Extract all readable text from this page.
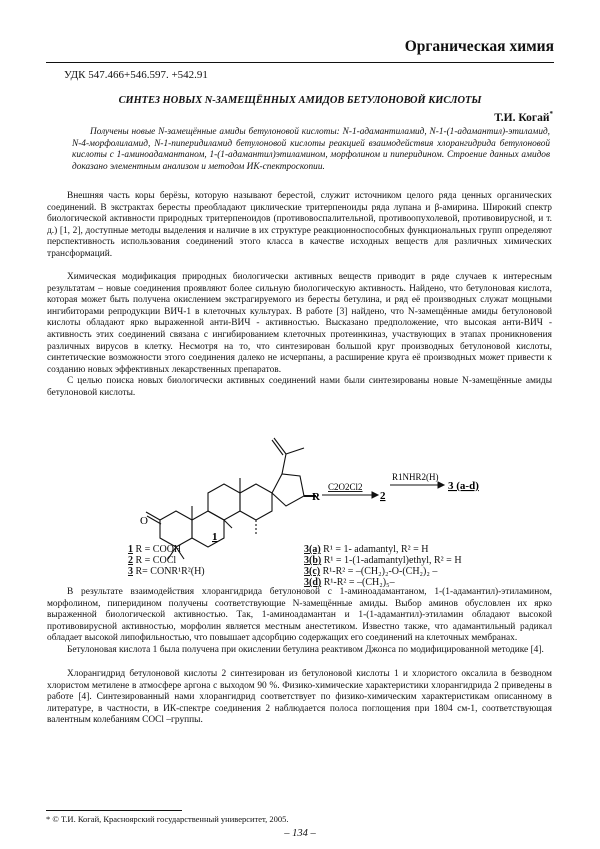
Органическая химия
УДК 547.466+546.597. +542.91
СИНТЕЗ НОВЫХ N-ЗАМЕЩЁННЫХ АМИДОВ БЕТУЛОНОВОЙ КИСЛОТЫ
Т.И. Когай*

Получены новые N-замещённые амиды бетулоновой кислоты: N-1-адамантиламид, N-1-(1-адамантил)-этиламид, N-4-морфолиламид, N-1-пиперидиламид бетулоновой кислоты реакцией взаимодействия хлорангидрида бетулоновой кислоты с 1-аминоадамантаном, 1-(1-адамантил)этиламином, морфолином и пиперидином. Строение данных амидов доказано элементным анализом и методом ИК-спектроскопии.

Внешняя часть коры берёзы, которую называют берестой, служит источником целого ряда ценных органических соединений. В экстрактах бересты преобладают циклические тритерпеноиды ряда лупана и β-амирина. Широкий спектр биологической активности природных тритерпеноидов (противовоспалительной, противоопухолевой, противовирусной, и т. д.) [1, 2], доступные методы выделения и наличие в их структуре реакционноспособных функциональных групп определяют перспективность использования соединений этого класса в качестве исходных веществ для различных химических трансформаций.

Химическая модификация природных биологически активных веществ приводит в ряде случаев к интересным результатам – новые соединения проявляют более сильную биологическую активность. Найдено, что бетулоновая кислота, которая может быть получена окислением экстрагируемого из бересты бетулина, и ряд её производных служат мощными ингибиторами репродукции ВИЧ-1 в клеточных культурах. В работе [3] найдено, что N-замещённые амиды бетулоновой кислоты обладают ярко выраженной анти-ВИЧ - активностью. Высказано предположение, что высокая анти-ВИЧ - активность этих соединений связана с ингибированием клеточных протеинкиназ, участвующих в этапах проникновения различных вирусов в клетку. Несмотря на то, что синтезирован большой круг производных бетулоновой кислоты, синтетические возможности этого соединения далеко не исчерпаны, а расширение круга её производных может привести к созданию новых эффективных лекарственных препаратов.

С целью поиска новых биологически активных соединений нами были синтезированы новые N-замещённые амиды бетулоновой кислоты.

O
R
1
C2O2Cl2
2
R1NHR2(H)
3 (a-d)
1 R = COOH
2 R = COCl
3 R= CONR¹R²(H)
3(a) R¹ = 1- adamantyl, R² = H
3(b) R¹ = 1-(1-adamantyl)ethyl, R² = H
3(c) R¹-R² = –(CH₂)₂-O-(CH₂)₂ –
3(d) R¹-R² = –(CH₂)₅–

В результате взаимодействия хлорангидрида бетулоновой с 1-аминоадамантаном, 1-(1-адамантил)-этиламином, морфолином, пиперидином получены соответствующие N-замещённые амиды. Выбор аминов обусловлен их ярко выраженной биологической активностью. Так, 1-аминоадамантан и 1-(1-адамантил)-этиламин обладают высокой противовирусной активностью, морфолин является местным анестетиком. Известно также, что адамантильный радикал обладает высокой липофильностью, что повышает адсорбцию содержащих его соединений на клеточных мембранах.

Бетулоновая кислота 1 была получена при окислении бетулина реактивом Джонса по модифицированной методике [4].

Хлорангидрид бетулоновой кислоты 2 синтезирован из бетулоновой кислоты 1 и хлористого оксалила в безводном хлористом метилене в атмосфере аргона с выходом 90 %. Физико-химические характеристики хлорангидрида 2 приведены в работе [4]. Синтезированный нами хлорангидрид соответствует по физико-химическим характеристикам описанному в литературе, в частности, в ИК-спектре соединения 2 наблюдается полоса поглощения при 1804 см-1, соответствующая валентным колебаниям COCl –группы.

* © Т.И. Когай, Красноярский государственный университет, 2005.
– 134 –
